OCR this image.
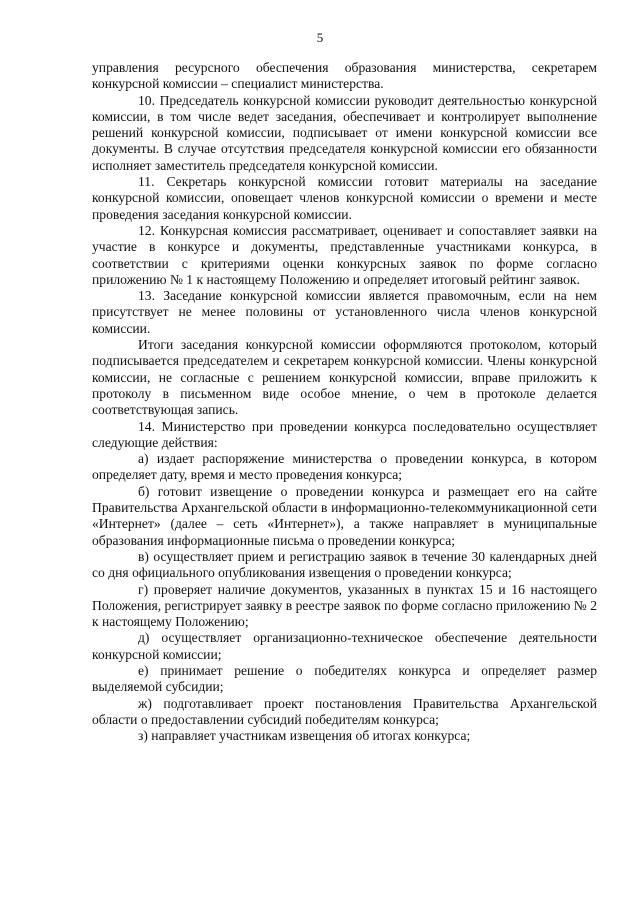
5

управления ресурсного обеспечения образования министерства, секретарем конкурсной комиссии – специалист министерства.

10. Председатель конкурсной комиссии руководит деятельностью конкурсной комиссии, в том числе ведет заседания, обеспечивает и контролирует выполнение решений конкурсной комиссии, подписывает от имени конкурсной комиссии все документы. В случае отсутствия председателя конкурсной комиссии его обязанности исполняет заместитель председателя конкурсной комиссии.

11. Секретарь конкурсной комиссии готовит материалы на заседание конкурсной комиссии, оповещает членов конкурсной комиссии о времени и месте проведения заседания конкурсной комиссии.

12. Конкурсная комиссия рассматривает, оценивает и сопоставляет заявки на участие в конкурсе и документы, представленные участниками конкурса, в соответствии с критериями оценки конкурсных заявок по форме согласно приложению № 1 к настоящему Положению и определяет итоговый рейтинг заявок.

13. Заседание конкурсной комиссии является правомочным, если на нем присутствует не менее половины от установленного числа членов конкурсной комиссии.

Итоги заседания конкурсной комиссии оформляются протоколом, который подписывается председателем и секретарем конкурсной комиссии. Члены конкурсной комиссии, не согласные с решением конкурсной комиссии, вправе приложить к протоколу в письменном виде особое мнение, о чем в протоколе делается соответствующая запись.

14. Министерство при проведении конкурса последовательно осуществляет следующие действия:

а) издает распоряжение министерства о проведении конкурса, в котором определяет дату, время и место проведения конкурса;

б) готовит извещение о проведении конкурса и размещает его на сайте Правительства Архангельской области в информационно-телекоммуникационной сети «Интернет» (далее – сеть «Интернет»), а также направляет в муниципальные образования информационные письма о проведении конкурса;

в) осуществляет прием и регистрацию заявок в течение 30 календарных дней со дня официального опубликования извещения о проведении конкурса;

г) проверяет наличие документов, указанных в пунктах 15 и 16 настоящего Положения, регистрирует заявку в реестре заявок по форме согласно приложению № 2 к настоящему Положению;

д) осуществляет организационно-техническое обеспечение деятельности конкурсной комиссии;

е) принимает решение о победителях конкурса и определяет размер выделяемой субсидии;

ж) подготавливает проект постановления Правительства Архангельской области о предоставлении субсидий победителям конкурса;

з) направляет участникам извещения об итогах конкурса;
